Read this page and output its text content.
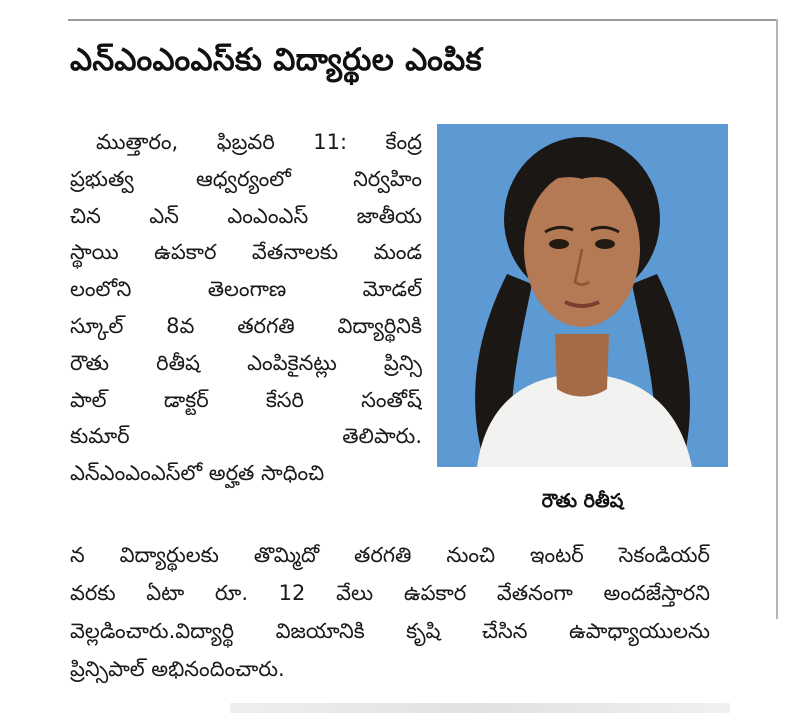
ఎన్ఎంఎంఎస్‌కు విద్యార్థుల ఎంపిక
ముత్తారం, ఫిబ్రవరి 11: కేంద్ర
ప్రభుత్వ ఆధ్వర్యంలో నిర్వహిం
చిన ఎన్ ఎంఎంఎస్ జాతీయ
స్థాయి ఉపకార వేతనాలకు మండ
లంలోని తెలంగాణ మోడల్
స్కూల్ 8వ తరగతి విద్యార్థినికి
రౌతు రితీష ఎంపికైనట్లు ప్రిన్సి
పాల్ డాక్టర్ కేసరి సంతోష్
కుమార్ తెలిపారు.
ఎన్ఎంఎంఎస్‌లో అర్హత సాధించి
రౌతు రితీష
న విద్యార్థులకు తొమ్మిదో తరగతి నుంచి ఇంటర్ సెకండియర్
వరకు ఏటా రూ. 12 వేలు ఉపకార వేతనంగా అందజేస్తారని
వెల్లడించారు.విద్యార్థి విజయానికి కృషి చేసిన ఉపాధ్యాయులను
ప్రిన్సిపాల్ అభినందించారు.
